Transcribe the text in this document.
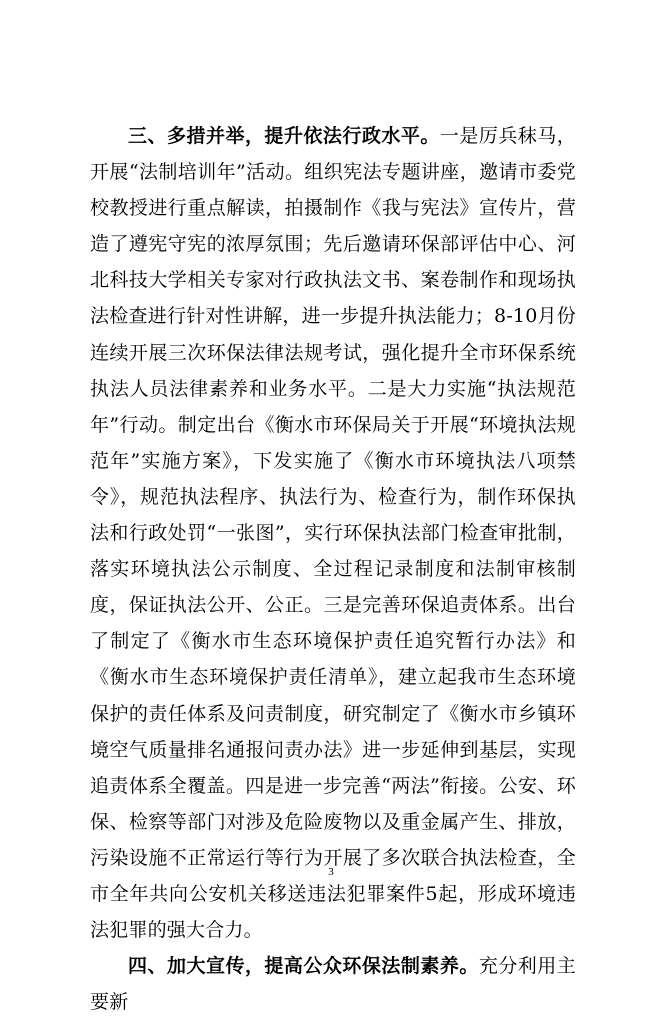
三、多措并举，提升依法行政水平。一是厉兵秣马，开展“法制培训年”活动。组织宪法专题讲座，邀请市委党校教授进行重点解读，拍摄制作《我与宪法》宣传片，营造了遵宪守宪的浓厚氛围；先后邀请环保部评估中心、河北科技大学相关专家对行政执法文书、案卷制作和现场执法检查进行针对性讲解，进一步提升执法能力；8-10月份连续开展三次环保法律法规考试，强化提升全市环保系统执法人员法律素养和业务水平。二是大力实施“执法规范年”行动。制定出台《衡水市环保局关于开展“环境执法规范年”实施方案》，下发实施了《衡水市环境执法八项禁令》，规范执法程序、执法行为、检查行为，制作环保执法和行政处罚“一张图”，实行环保执法部门检查审批制，落实环境执法公示制度、全过程记录制度和法制审核制度，保证执法公开、公正。三是完善环保追责体系。出台了制定了《衡水市生态环境保护责任追究暂行办法》和《衡水市生态环境保护责任清单》，建立起我市生态环境保护的责任体系及问责制度，研究制定了《衡水市乡镇环境空气质量排名通报问责办法》进一步延伸到基层，实现追责体系全覆盖。四是进一步完善“两法”衔接。公安、环保、检察等部门对涉及危险废物以及重金属产生、排放，污染设施不正常运行等行为开展了多次联合执法检查，全市全年共向公安机关移送违法犯罪案件5起，形成环境违法犯罪的强大合力。

四、加大宣传，提高公众环保法制素养。充分利用主要新

3
